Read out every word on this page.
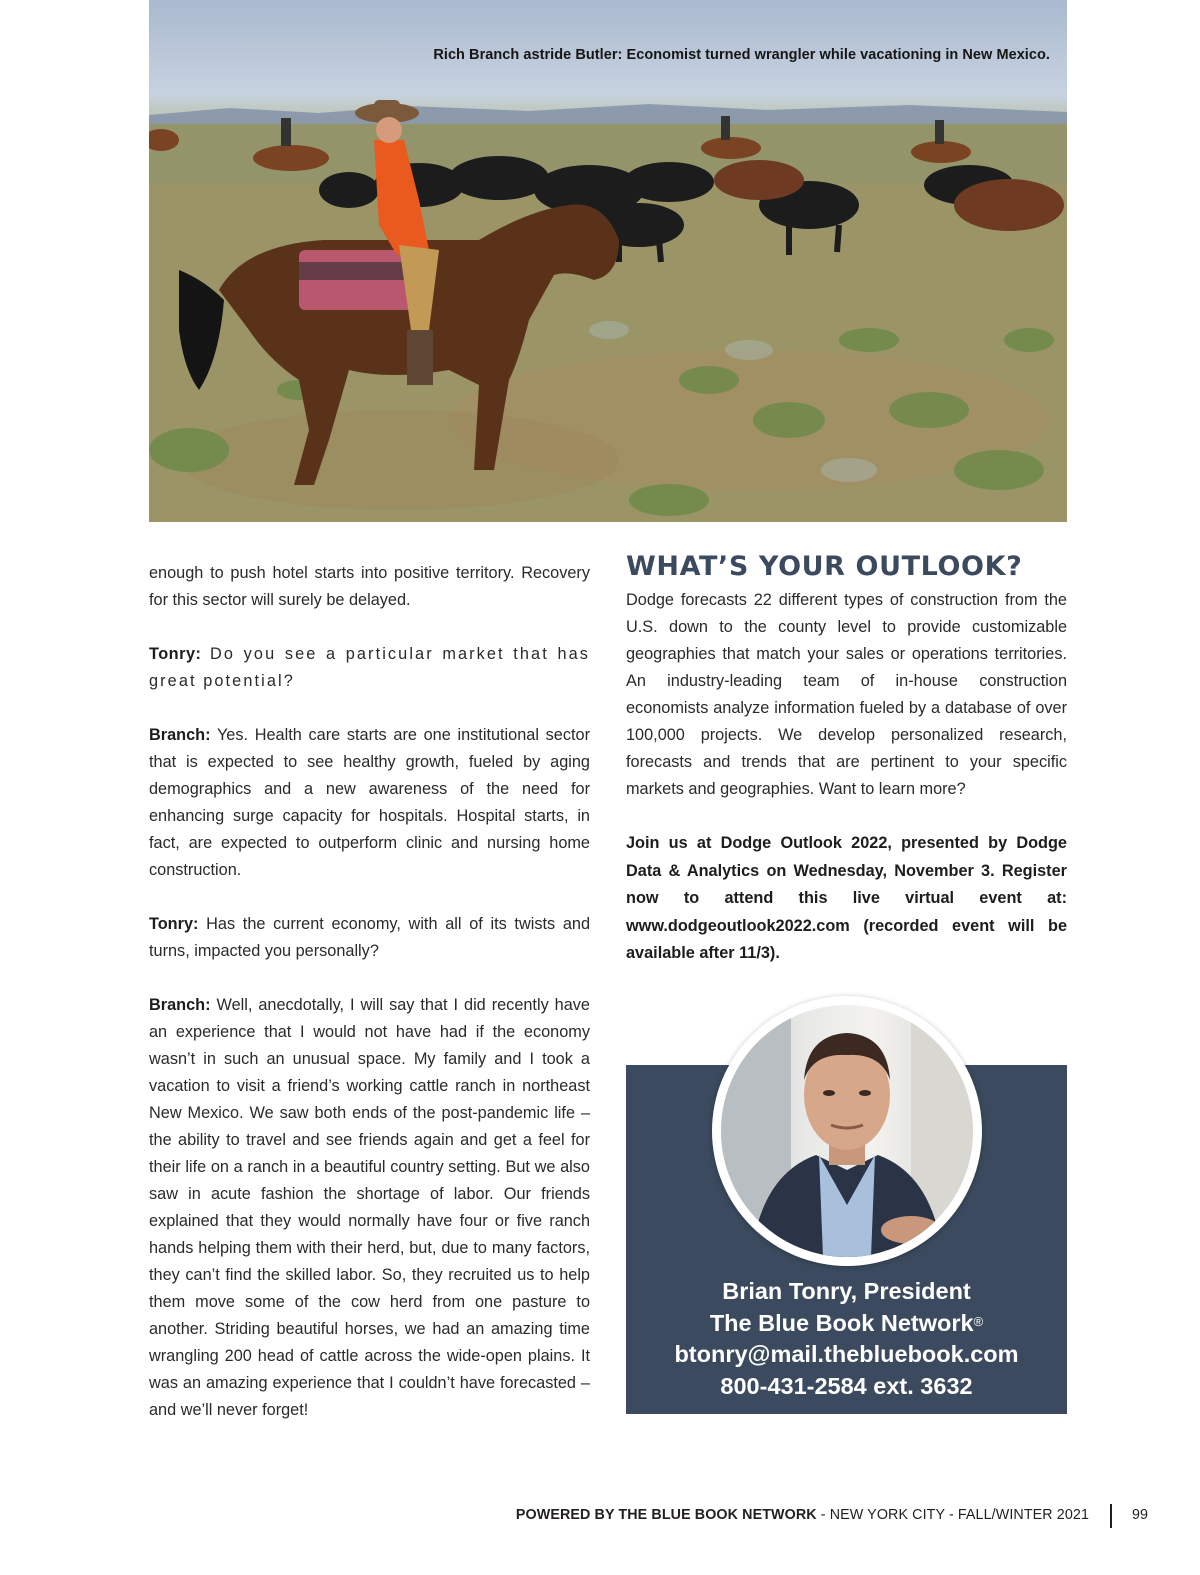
Rich Branch astride Butler: Economist turned wrangler while vacationing in New Mexico.

enough to push hotel starts into positive territory. Recovery for this sector will surely be delayed.

Tonry: Do you see a particular market that has great potential?

Branch: Yes. Health care starts are one institutional sector that is expected to see healthy growth, fueled by aging demographics and a new awareness of the need for enhancing surge capacity for hospitals. Hospital starts, in fact, are expected to outperform clinic and nursing home construction.

Tonry: Has the current economy, with all of its twists and turns, impacted you personally?

Branch: Well, anecdotally, I will say that I did recently have an experience that I would not have had if the economy wasn’t in such an unusual space. My family and I took a vacation to visit a friend’s working cattle ranch in northeast New Mexico. We saw both ends of the post-pandemic life – the ability to travel and see friends again and get a feel for their life on a ranch in a beautiful country setting. But we also saw in acute fashion the shortage of labor. Our friends explained that they would normally have four or five ranch hands helping them with their herd, but, due to many factors, they can’t find the skilled labor. So, they recruited us to help them move some of the cow herd from one pasture to another. Striding beautiful horses, we had an amazing time wrangling 200 head of cattle across the wide-open plains. It was an amazing experience that I couldn’t have forecasted – and we’ll never forget!

WHAT’S YOUR OUTLOOK?

Dodge forecasts 22 different types of construction from the U.S. down to the county level to provide customizable geographies that match your sales or operations territories. An industry-leading team of in-house construction economists analyze information fueled by a database of over 100,000 projects. We develop personalized research, forecasts and trends that are pertinent to your specific markets and geographies. Want to learn more?

Join us at Dodge Outlook 2022, presented by Dodge Data & Analytics on Wednesday, November 3. Register now to attend this live virtual event at: www.dodgeoutlook2022.com (recorded event will be available after 11/3).

Brian Tonry, President
The Blue Book Network®
btonry@mail.thebluebook.com
800-431-2584 ext. 3632
POWERED BY THE BLUE BOOK NETWORK - NEW YORK CITY - FALL/WINTER 2021	99
